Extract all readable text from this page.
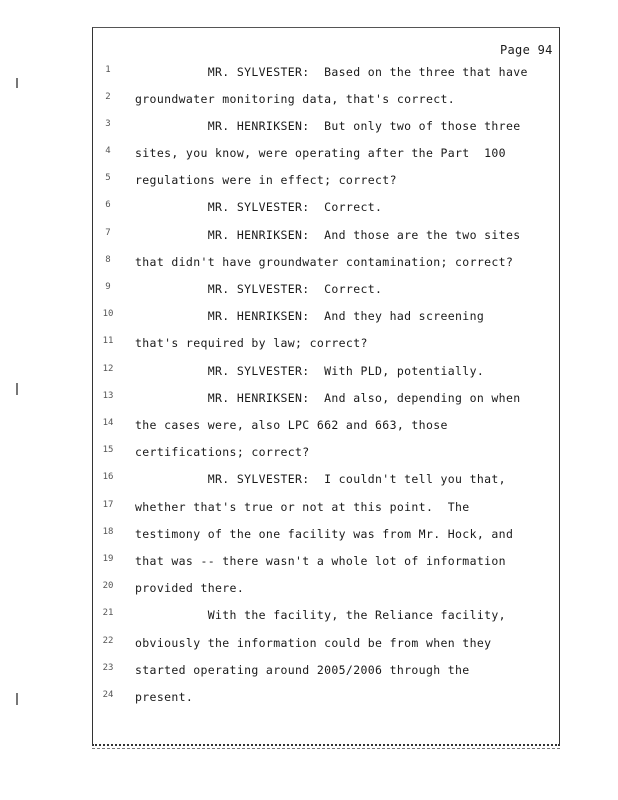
Page 94
1	MR. SYLVESTER:  Based on the three that have
2	groundwater monitoring data, that's correct.
3	MR. HENRIKSEN:  But only two of those three
4	sites, you know, were operating after the Part  100
5	regulations were in effect; correct?
6	MR. SYLVESTER:  Correct.
7	MR. HENRIKSEN:  And those are the two sites
8	that didn't have groundwater contamination; correct?
9	MR. SYLVESTER:  Correct.
10	MR. HENRIKSEN:  And they had screening
11	that's required by law; correct?
12	MR. SYLVESTER:  With PLD, potentially.
13	MR. HENRIKSEN:  And also, depending on when
14	the cases were, also LPC 662 and 663, those
15	certifications; correct?
16	MR. SYLVESTER:  I couldn't tell you that,
17	whether that's true or not at this point.  The
18	testimony of the one facility was from Mr. Hock, and
19	that was -- there wasn't a whole lot of information
20	provided there.
21	With the facility, the Reliance facility,
22	obviously the information could be from when they
23	started operating around 2005/2006 through the
24	present.
